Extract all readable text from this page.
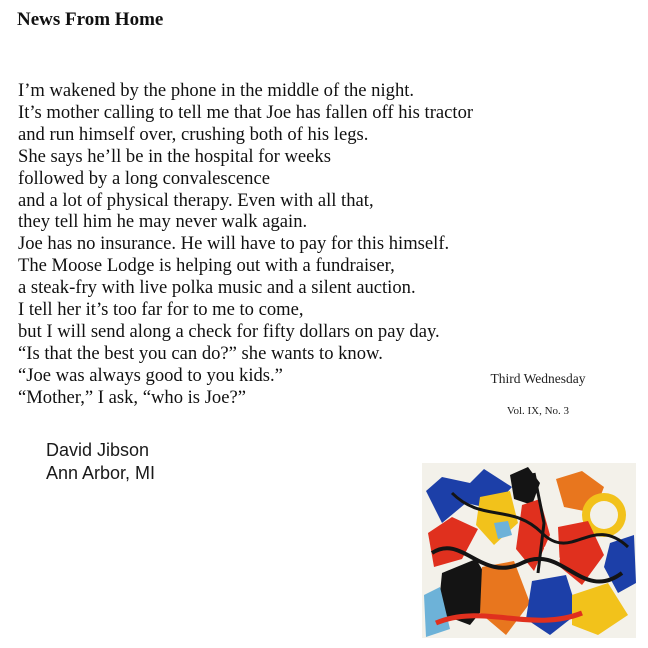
News From Home
I’m wakened by the phone in the middle of the night.
It’s mother calling to tell me that Joe has fallen off his tractor
and run himself over, crushing both of his legs.
She says he’ll be in the hospital for weeks
followed by a long convalescence
and a lot of physical therapy. Even with all that,
they tell him he may never walk again.
Joe has no insurance. He will have to pay for this himself.
The Moose Lodge is helping out with a fundraiser,
a steak-fry with live polka music and a silent auction.
I tell her it’s too far for to me to come,
but I will send along a check for fifty dollars on pay day.
“Is that the best you can do?” she wants to know.
“Joe was always good to you kids.”
“Mother,” I ask, “who is Joe?”
David Jibson
Ann Arbor, MI
Third Wednesday
Vol. IX, No. 3
